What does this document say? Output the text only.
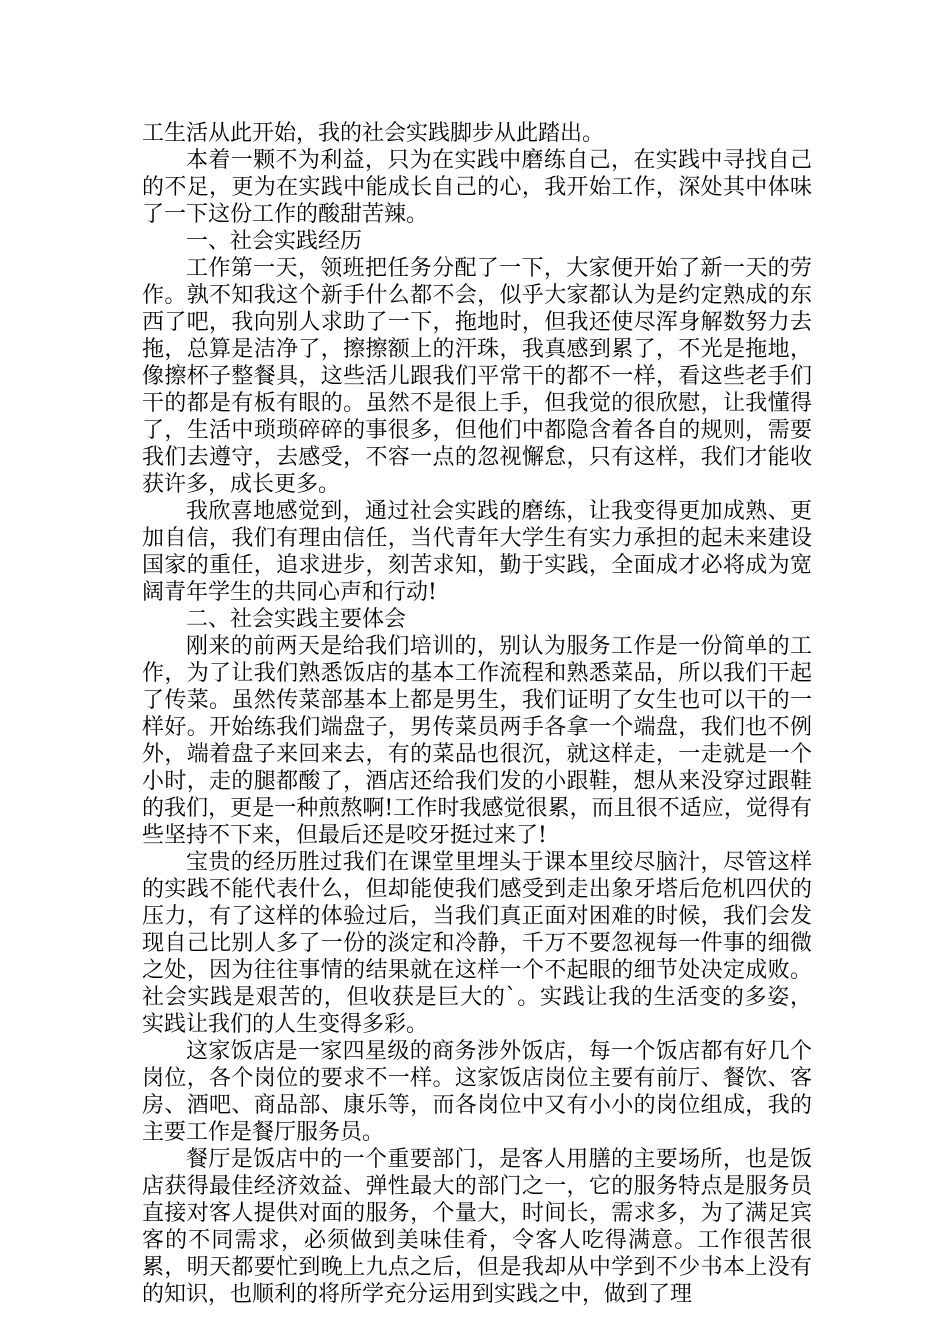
工生活从此开始，我的社会实践脚步从此踏出。

本着一颗不为利益，只为在实践中磨练自己，在实践中寻找自己的不足，更为在实践中能成长自己的心，我开始工作，深处其中体味了一下这份工作的酸甜苦辣。

一、社会实践经历

工作第一天，领班把任务分配了一下，大家便开始了新一天的劳作。孰不知我这个新手什么都不会，似乎大家都认为是约定熟成的东西了吧，我向别人求助了一下，拖地时，但我还使尽浑身解数努力去拖，总算是洁净了，擦擦额上的汗珠，我真感到累了，不光是拖地，像擦杯子整餐具，这些活儿跟我们平常干的都不一样，看这些老手们干的都是有板有眼的。虽然不是很上手，但我觉的很欣慰，让我懂得了，生活中琐琐碎碎的事很多，但他们中都隐含着各自的规则，需要我们去遵守，去感受，不容一点的忽视懈怠，只有这样，我们才能收获许多，成长更多。

我欣喜地感觉到，通过社会实践的磨练，让我变得更加成熟、更加自信，我们有理由信任，当代青年大学生有实力承担的起未来建设国家的重任，追求进步，刻苦求知，勤于实践，全面成才必将成为宽阔青年学生的共同心声和行动!

二、社会实践主要体会

刚来的前两天是给我们培训的，别认为服务工作是一份简单的工作，为了让我们熟悉饭店的基本工作流程和熟悉菜品，所以我们干起了传菜。虽然传菜部基本上都是男生，我们证明了女生也可以干的一样好。开始练我们端盘子，男传菜员两手各拿一个端盘，我们也不例外，端着盘子来回来去，有的菜品也很沉，就这样走，一走就是一个小时，走的腿都酸了，酒店还给我们发的小跟鞋，想从来没穿过跟鞋的我们，更是一种煎熬啊!工作时我感觉很累，而且很不适应，觉得有些坚持不下来，但最后还是咬牙挺过来了!

宝贵的经历胜过我们在课堂里埋头于课本里绞尽脑汁，尽管这样的实践不能代表什么，但却能使我们感受到走出象牙塔后危机四伏的压力，有了这样的体验过后，当我们真正面对困难的时候，我们会发现自己比别人多了一份的淡定和冷静，千万不要忽视每一件事的细微之处，因为往往事情的结果就在这样一个不起眼的细节处决定成败。社会实践是艰苦的，但收获是巨大的`。实践让我的生活变的多姿，实践让我们的人生变得多彩。

这家饭店是一家四星级的商务涉外饭店，每一个饭店都有好几个岗位，各个岗位的要求不一样。这家饭店岗位主要有前厅、餐饮、客房、酒吧、商品部、康乐等，而各岗位中又有小小的岗位组成，我的主要工作是餐厅服务员。

餐厅是饭店中的一个重要部门，是客人用膳的主要场所，也是饭店获得最佳经济效益、弹性最大的部门之一，它的服务特点是服务员直接对客人提供对面的服务，个量大，时间长，需求多，为了满足宾客的不同需求，必须做到美味佳肴，令客人吃得满意。工作很苦很累，明天都要忙到晚上九点之后，但是我却从中学到不少书本上没有的知识，也顺利的将所学充分运用到实践之中，做到了理
